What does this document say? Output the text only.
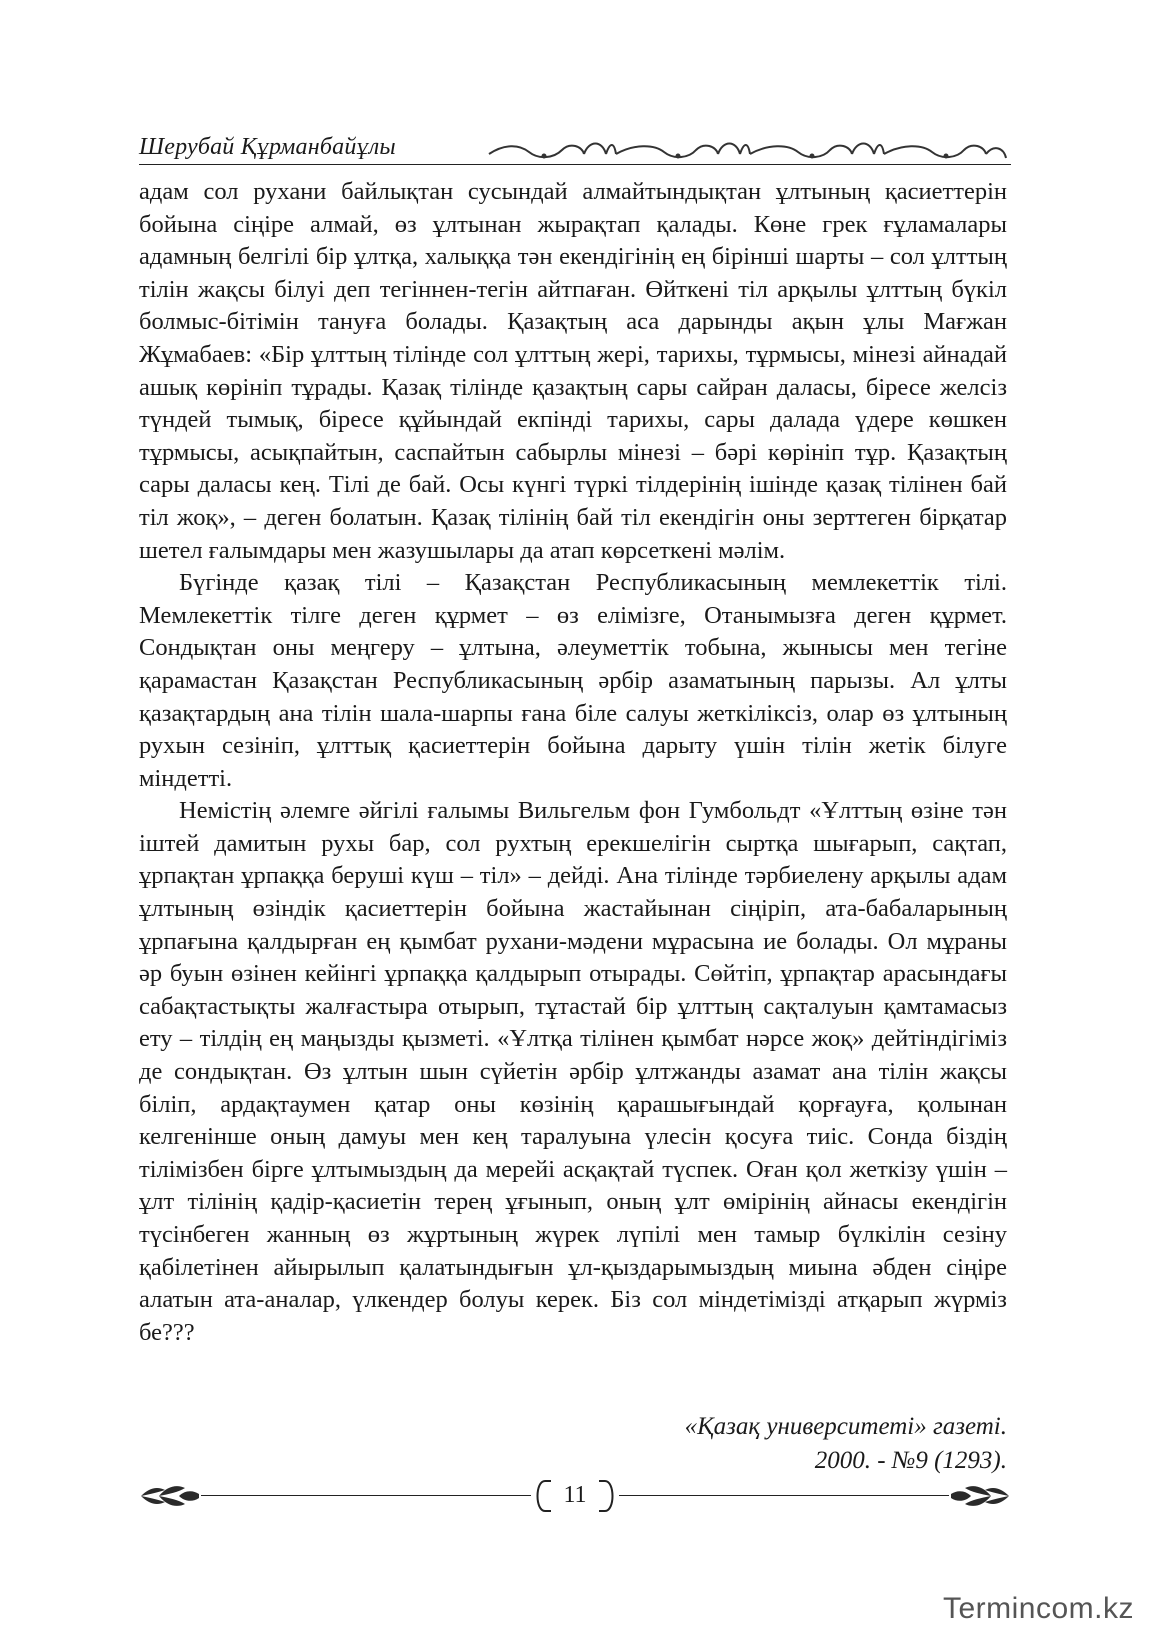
Шерубай Құрманбайұлы

адам сол рухани байлықтан сусындай алмайтындықтан ұлтының қасиеттерін бойына сіңіре алмай, өз ұлтынан жырақтап қалады. Көне грек ғұламалары адамның белгілі бір ұлтқа, халыққа тән екендігінің ең бірінші шарты – сол ұлттың тілін жақсы білуі деп тегіннен-тегін айтпаған. Өйткені тіл арқылы ұлттың бүкіл болмыс-бітімін тануға болады. Қазақтың аса дарынды ақын ұлы Мағжан Жұмабаев: «Бір ұлттың тілінде сол ұлттың жері, тарихы, тұрмысы, мінезі айнадай ашық көрініп тұрады. Қазақ тілінде қазақтың сары сайран даласы, біресе желсіз түндей тымық, біресе құйындай екпінді тарихы, сары далада үдере көшкен тұрмысы, асықпайтын, саспайтын сабырлы мінезі – бәрі көрініп тұр. Қазақтың сары даласы кең. Тілі де бай. Осы күнгі түркі тілдерінің ішінде қазақ тілінен бай тіл жоқ», – деген болатын. Қазақ тілінің бай тіл екендігін оны зерттеген бірқатар шетел ғалымдары мен жазушылары да атап көрсеткені мәлім.

Бүгінде қазақ тілі – Қазақстан Республикасының мемлекеттік тілі. Мемлекеттік тілге деген құрмет – өз елімізге, Отанымызға деген құрмет. Сондықтан оны меңгеру – ұлтына, әлеуметтік тобына, жынысы мен тегіне қарамастан Қазақстан Республикасының әрбір азаматының парызы. Ал ұлты қазақтардың ана тілін шала-шарпы ғана біле салуы жеткіліксіз, олар өз ұлтының рухын сезініп, ұлттық қасиеттерін бойына дарыту үшін тілін жетік білуге міндетті.

Немістің әлемге әйгілі ғалымы Вильгельм фон Гумбольдт «Ұлттың өзіне тән іштей дамитын рухы бар, сол рухтың ерекшелігін сыртқа шығарып, сақтап, ұрпақтан ұрпаққа беруші күш – тіл» – дейді. Ана тілінде тәрбиелену арқылы адам ұлтының өзіндік қасиеттерін бойына жастайынан сіңіріп, ата-бабаларының ұрпағына қалдырған ең қымбат рухани-мәдени мұрасына ие болады. Ол мұраны әр буын өзінен кейінгі ұрпаққа қалдырып отырады. Сөйтіп, ұрпақтар арасындағы сабақтастықты жалғастыра отырып, тұтастай бір ұлттың сақталуын қамтамасыз ету – тілдің ең маңызды қызметі. «Ұлтқа тілінен қымбат нәрсе жоқ» дейтіндігіміз де сондықтан. Өз ұлтын шын сүйетін әрбір ұлтжанды азамат ана тілін жақсы біліп, ардақтаумен қатар оны көзінің қарашығындай қорғауға, қолынан келгенінше оның дамуы мен кең таралуына үлесін қосуға тиіс. Сонда біздің тілімізбен бірге ұлтымыздың да мерейі асқақтай түспек. Оған қол жеткізу үшін – ұлт тілінің қадір-қасиетін терең ұғынып, оның ұлт өмірінің айнасы екендігін түсінбеген жанның өз жұртының жүрек лүпілі мен тамыр бүлкілін сезіну қабілетінен айырылып қалатындығын ұл-қыздарымыздың миына әбден сіңіре алатын ата-аналар, үлкендер болуы керек. Біз сол міндетімізді атқарып жүрміз бе???

«Қазақ университеті» газеті.
2000. - №9 (1293).
11
Termincom.kz
